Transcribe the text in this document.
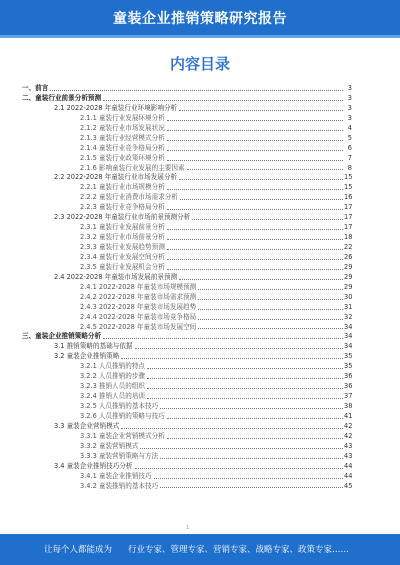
童装企业推销策略研究报告
内容目录
一、前言	3
二、童装行业前景分析预测	3
2.1 2022-2028 年童装行业环境影响分析	3
2.1.1 童装行业发展环境分析	3
2.1.2 童装行业市场发展状况	4
2.1.3 童装行业经营模式分析	5
2.1.4 童装行业竞争格局分析	6
2.1.5 童装行业政策环境分析	7
2.1.6 影响童装行业发展的主要因素	8
2.2 2022-2028 年童装行业市场发展分析	15
2.2.1 童装行业市场规模分析	15
2.2.2 童装行业消费市场需求分析	16
2.2.3 童装行业竞争格局分析	17
2.3 2022-2028 年童装行业市场前景预测分析	17
2.3.1 童装行业发展前景分析	17
2.3.2 童装行业市场前景分析	18
2.3.3 童装行业发展趋势预测	22
2.3.4 童装行业发展空间分析	26
2.3.5 童装行业发展机会分析	29
2.4 2022-2028 年童装市场发展前景预测	29
2.4.1 2022-2028 年童装市场规模预测	29
2.4.2 2022-2028 年童装市场需求预测	30
2.4.3 2022-2028 年童装市场发展趋势	31
2.4.4 2022-2028 年童装市场竞争格局	32
2.4.5 2022-2028 年童装市场发展空间	34
三、童装企业推销策略分析	34
3.1 推销策略的基础与依据	34
3.2 童装企业推销策略	35
3.2.1 人员推销的特点	35
3.2.2 人员推销的步骤	36
3.2.3 推销人员的组织	36
3.2.4 推销人员的培训	37
3.2.5 人员推销的基本技巧	38
3.2.6 人员推销的策略与技巧	41
3.3 童装企业营销模式	42
3.3.1 童装企业营销模式分析	42
3.3.2 童装营销模式	43
3.3.3 童装营销策略与方法	43
3.4 童装企业推销技巧分析	44
3.4.1 童装企业推销技巧	44
3.4.2 童装推销的基本技巧	45
1
让每个人都能成为 行业专家、管理专家、营销专家、战略专家、政策专家……
